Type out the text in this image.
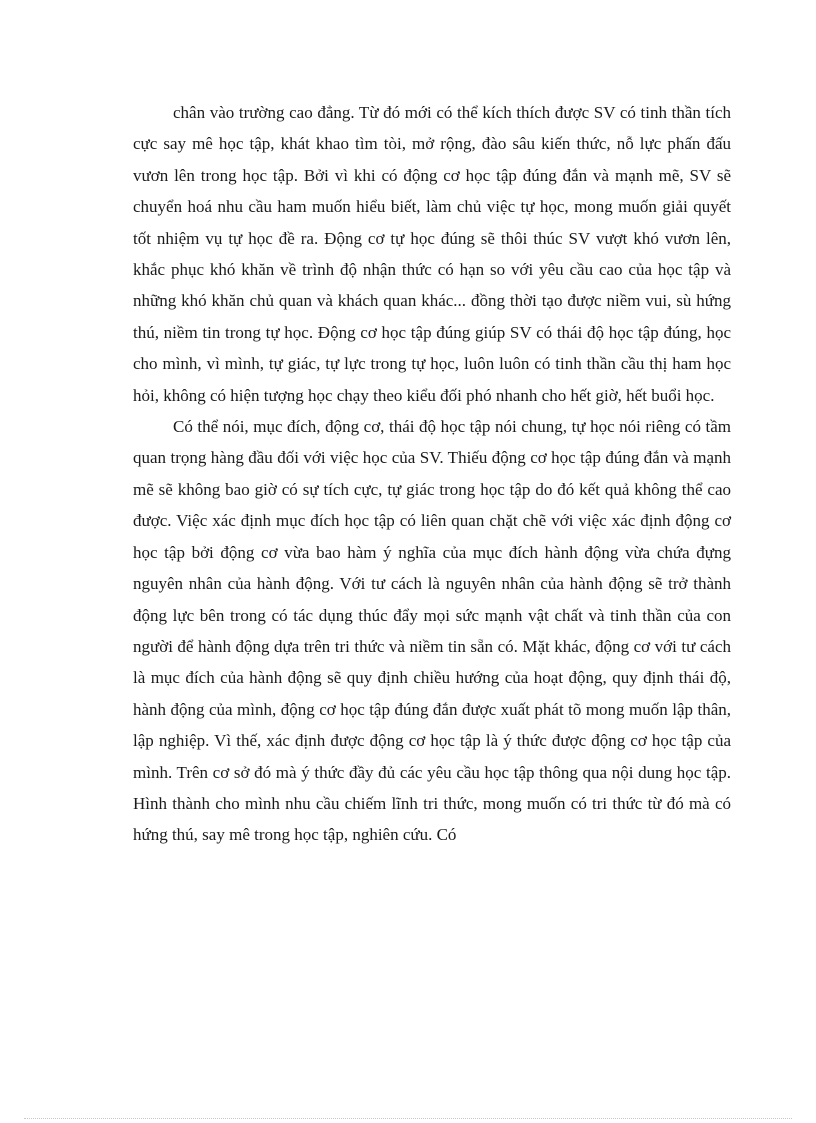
chân vào trường cao đẳng. Từ đó mới có thể kích thích được SV có tinh thần tích cực say mê học tập, khát khao tìm tòi, mở rộng, đào sâu kiến thức, nỗ lực phấn đấu vươn lên trong học tập. Bởi vì khi có động cơ học tập đúng đắn và mạnh mẽ, SV sẽ chuyển hoá nhu cầu ham muốn hiểu biết, làm chủ việc tự học, mong muốn giải quyết tốt nhiệm vụ tự học đề ra. Động cơ tự học đúng sẽ thôi thúc SV vượt khó vươn lên, khắc phục khó khăn về trình độ nhận thức có hạn so với yêu cầu cao của học tập và những khó khăn chủ quan và khách quan khác... đồng thời tạo được niềm vui, sù hứng thú, niềm tin trong tự học. Động cơ học tập đúng giúp SV có thái độ học tập đúng, học cho mình, vì mình, tự giác, tự lực trong tự học, luôn luôn có tinh thần cầu thị ham học hỏi, không có hiện tượng học chạy theo kiểu đối phó nhanh cho hết giờ, hết buổi học.

Có thể nói, mục đích, động cơ, thái độ học tập nói chung, tự học nói riêng có tầm quan trọng hàng đầu đối với việc học của SV. Thiếu động cơ học tập đúng đắn và mạnh mẽ sẽ không bao giờ có sự tích cực, tự giác trong học tập do đó kết quả không thể cao được. Việc xác định mục đích học tập có liên quan chặt chẽ với việc xác định động cơ học tập bởi động cơ vừa bao hàm ý nghĩa của mục đích hành động vừa chứa đựng nguyên nhân của hành động. Với tư cách là nguyên nhân của hành động sẽ trở thành động lực bên trong có tác dụng thúc đẩy mọi sức mạnh vật chất và tinh thần của con người để hành động dựa trên tri thức và niềm tin sẵn có. Mặt khác, động cơ với tư cách là mục đích của hành động sẽ quy định chiều hướng của hoạt động, quy định thái độ, hành động của mình, động cơ học tập đúng đắn được xuất phát tõ mong muốn lập thân, lập nghiệp. Vì thế, xác định được động cơ học tập là ý thức được động cơ học tập của mình. Trên cơ sở đó mà ý thức đầy đủ các yêu cầu học tập thông qua nội dung học tập. Hình thành cho mình nhu cầu chiếm lĩnh tri thức, mong muốn có tri thức từ đó mà có hứng thú, say mê trong học tập, nghiên cứu. Có
